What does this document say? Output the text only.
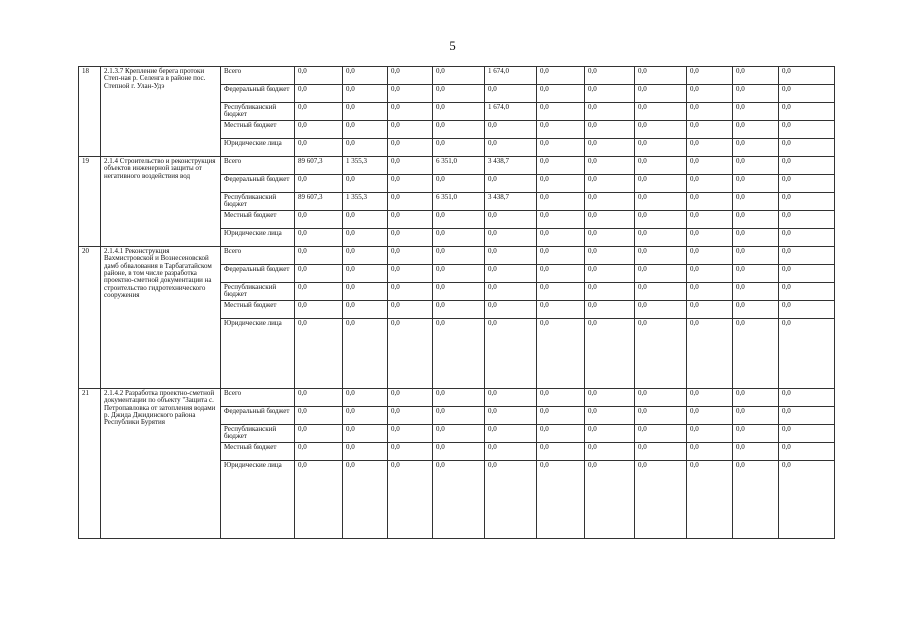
5
18	2.1.3.7 Крепление берега протоки Степ-ная р. Селенга в районе пос. Степной г. Улан-Удэ	Всего	0,0	0,0	0,0	0,0	1 674,0	0,0	0,0	0,0	0,0	0,0	0,0
		Федеральный бюджет	0,0	0,0	0,0	0,0	0,0	0,0	0,0	0,0	0,0	0,0	0,0
		Республиканский бюджет	0,0	0,0	0,0	0,0	1 674,0	0,0	0,0	0,0	0,0	0,0	0,0
		Местный бюджет	0,0	0,0	0,0	0,0	0,0	0,0	0,0	0,0	0,0	0,0	0,0
		Юридические лица	0,0	0,0	0,0	0,0	0,0	0,0	0,0	0,0	0,0	0,0	0,0
19	2.1.4 Строительство и реконструкция объектов инженерной защиты от негативного воздействия вод	Всего	89 607,3	1 355,3	0,0	6 351,0	3 438,7	0,0	0,0	0,0	0,0	0,0	0,0
		Федеральный бюджет	0,0	0,0	0,0	0,0	0,0	0,0	0,0	0,0	0,0	0,0	0,0
		Республиканский бюджет	89 607,3	1 355,3	0,0	6 351,0	3 438,7	0,0	0,0	0,0	0,0	0,0	0,0
		Местный бюджет	0,0	0,0	0,0	0,0	0,0	0,0	0,0	0,0	0,0	0,0	0,0
		Юридические лица	0,0	0,0	0,0	0,0	0,0	0,0	0,0	0,0	0,0	0,0	0,0
20	2.1.4.1 Реконструкция Вахмистровской и Вознесеновской дамб обвалования в Тарбагатайском районе, в том числе разработка проектно-сметной документации на строительство гидротехнического сооружения	Всего	0,0	0,0	0,0	0,0	0,0	0,0	0,0	0,0	0,0	0,0	0,0
		Федеральный бюджет	0,0	0,0	0,0	0,0	0,0	0,0	0,0	0,0	0,0	0,0	0,0
		Республиканский бюджет	0,0	0,0	0,0	0,0	0,0	0,0	0,0	0,0	0,0	0,0	0,0
		Местный бюджет	0,0	0,0	0,0	0,0	0,0	0,0	0,0	0,0	0,0	0,0	0,0
		Юридические лица	0,0	0,0	0,0	0,0	0,0	0,0	0,0	0,0	0,0	0,0	0,0
21	2.1.4.2 Разработка проектно-сметной документации по объекту "Защита с. Петропавловка от затопления водами р. Джида Джидинского района Республики Бурятия	Всего	0,0	0,0	0,0	0,0	0,0	0,0	0,0	0,0	0,0	0,0	0,0
		Федеральный бюджет	0,0	0,0	0,0	0,0	0,0	0,0	0,0	0,0	0,0	0,0	0,0
		Республиканский бюджет	0,0	0,0	0,0	0,0	0,0	0,0	0,0	0,0	0,0	0,0	0,0
		Местный бюджет	0,0	0,0	0,0	0,0	0,0	0,0	0,0	0,0	0,0	0,0	0,0
		Юридические лица	0,0	0,0	0,0	0,0	0,0	0,0	0,0	0,0	0,0	0,0	0,0
